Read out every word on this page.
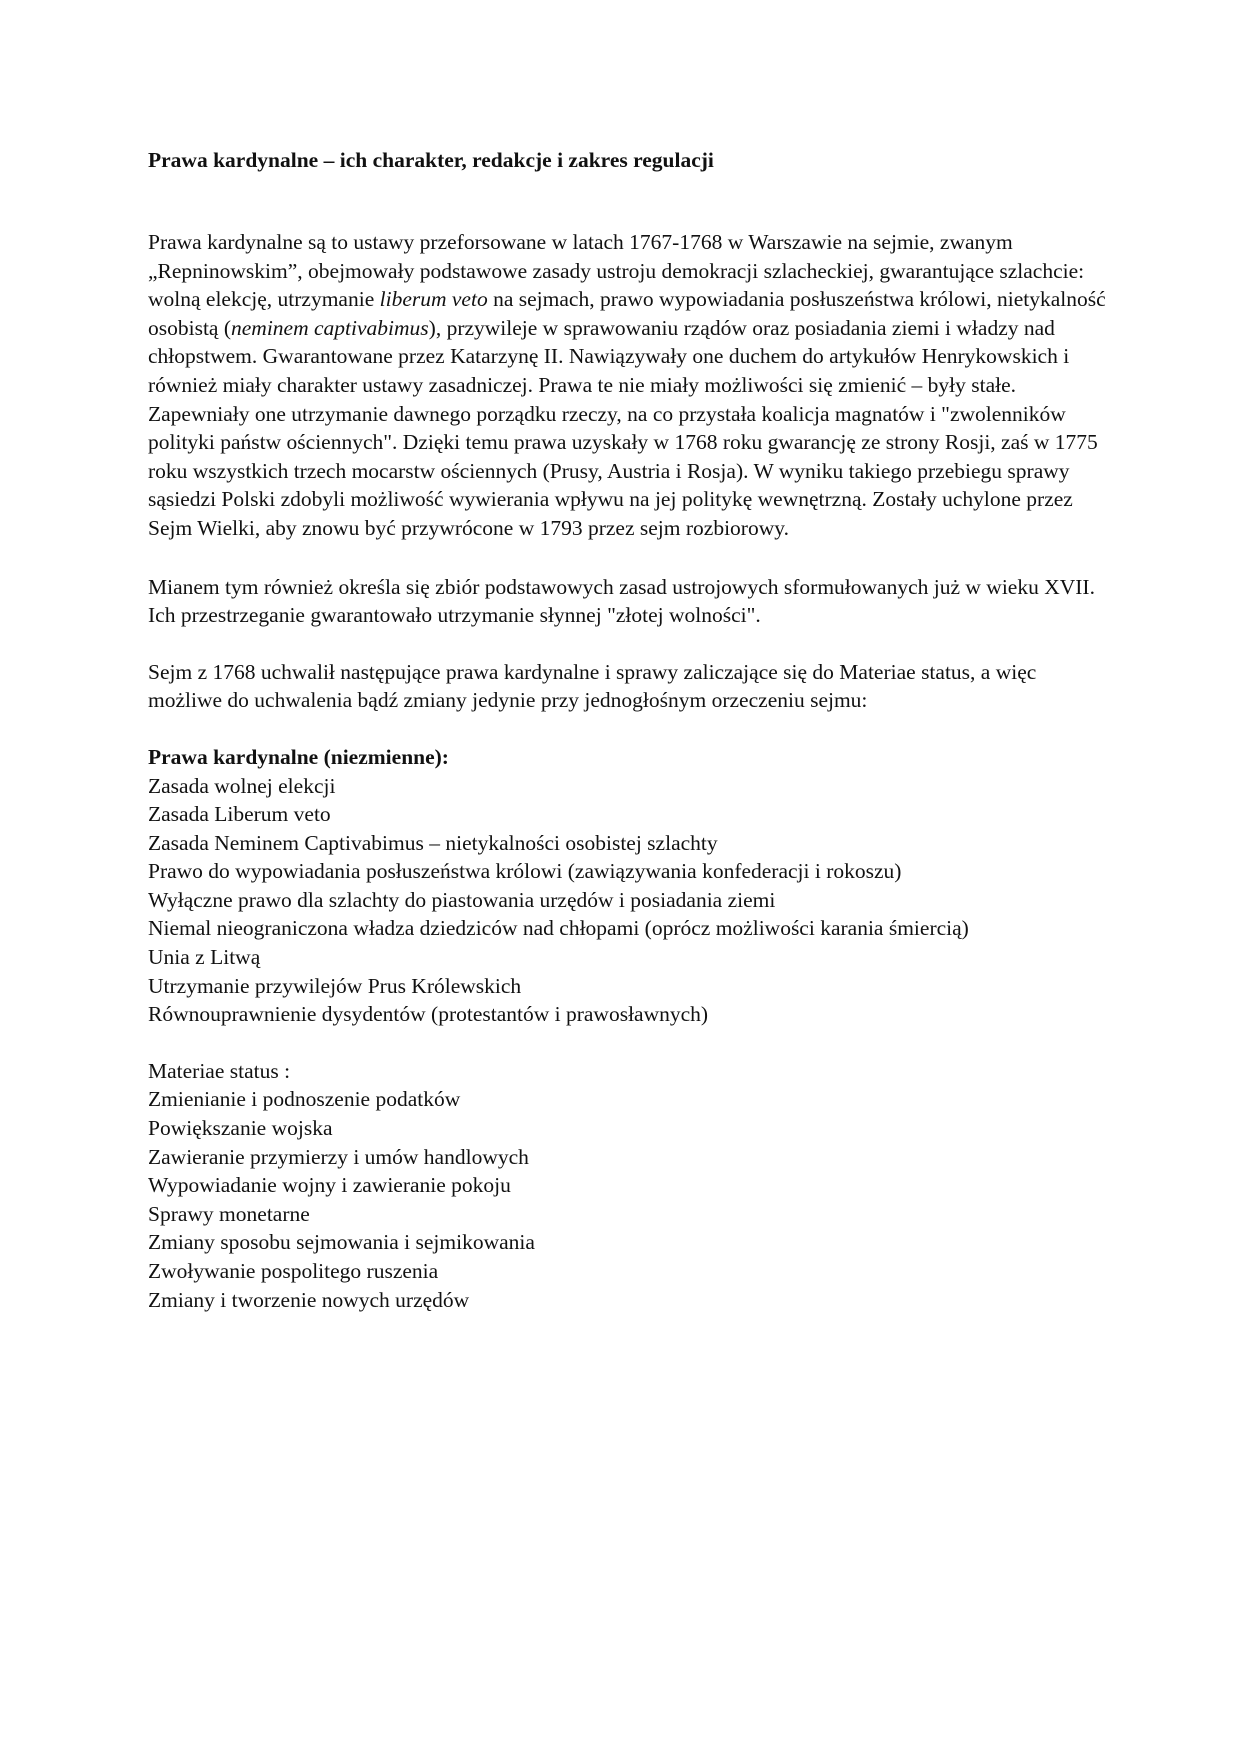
Prawa kardynalne – ich charakter, redakcje i zakres regulacji

Prawa kardynalne są to ustawy przeforsowane w latach 1767-1768 w Warszawie na sejmie, zwanym „Repninowskim”, obejmowały podstawowe zasady ustroju demokracji szlacheckiej, gwarantujące szlachcie: wolną elekcję, utrzymanie liberum veto na sejmach, prawo wypowiadania posłuszeństwa królowi, nietykalność osobistą (neminem captivabimus), przywileje w sprawowaniu rządów oraz posiadania ziemi i władzy nad chłopstwem. Gwarantowane przez Katarzynę II. Nawiązywały one duchem do artykułów Henrykowskich i również miały charakter ustawy zasadniczej. Prawa te nie miały możliwości się zmienić – były stałe. Zapewniały one utrzymanie dawnego porządku rzeczy, na co przystała koalicja magnatów i "zwolenników polityki państw ościennych". Dzięki temu prawa uzyskały w 1768 roku gwarancję ze strony Rosji, zaś w 1775 roku wszystkich trzech mocarstw ościennych (Prusy, Austria i Rosja). W wyniku takiego przebiegu sprawy sąsiedzi Polski zdobyli możliwość wywierania wpływu na jej politykę wewnętrzną. Zostały uchylone przez Sejm Wielki, aby znowu być przywrócone w 1793 przez sejm rozbiorowy.

Mianem tym również określa się zbiór podstawowych zasad ustrojowych sformułowanych już w wieku XVII. Ich przestrzeganie gwarantowało utrzymanie słynnej "złotej wolności".

Sejm z 1768 uchwalił następujące prawa kardynalne i sprawy zaliczające się do Materiae status, a więc możliwe do uchwalenia bądź zmiany jedynie przy jednogłośnym orzeczeniu sejmu:

Prawa kardynalne (niezmienne):
Zasada wolnej elekcji
Zasada Liberum veto
Zasada Neminem Captivabimus – nietykalności osobistej szlachty
Prawo do wypowiadania posłuszeństwa królowi (zawiązywania konfederacji i rokoszu)
Wyłączne prawo dla szlachty do piastowania urzędów i posiadania ziemi
Niemal nieograniczona władza dziedziców nad chłopami (oprócz możliwości karania śmiercią)
Unia z Litwą
Utrzymanie przywilejów Prus Królewskich
Równouprawnienie dysydentów (protestantów i prawosławnych)
Materiae status :
Zmienianie i podnoszenie podatków
Powiększanie wojska
Zawieranie przymierzy i umów handlowych
Wypowiadanie wojny i zawieranie pokoju
Sprawy monetarne
Zmiany sposobu sejmowania i sejmikowania
Zwoływanie pospolitego ruszenia
Zmiany i tworzenie nowych urzędów
